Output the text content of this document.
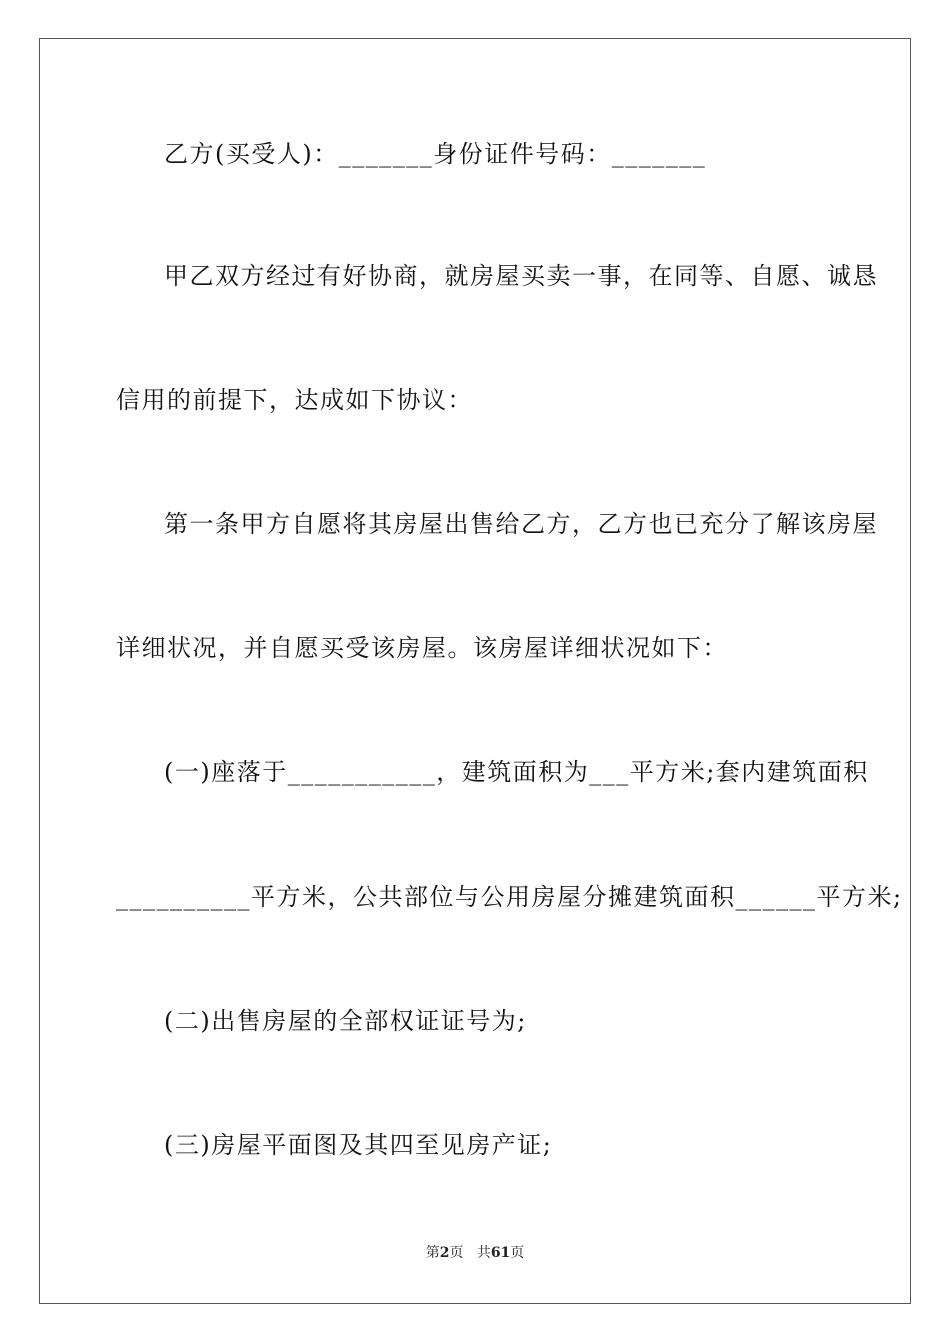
乙方(买受人)：_______身份证件号码：_______

甲乙双方经过有好协商，就房屋买卖一事，在同等、自愿、诚恳

信用的前提下，达成如下协议：

第一条甲方自愿将其房屋出售给乙方，乙方也已充分了解该房屋

详细状况，并自愿买受该房屋。该房屋详细状况如下：

(一)座落于___________，建筑面积为___平方米;套内建筑面积

__________平方米，公共部位与公用房屋分摊建筑面积______平方米;

(二)出售房屋的全部权证证号为;

(三)房屋平面图及其四至见房产证;

第2页 共61页
